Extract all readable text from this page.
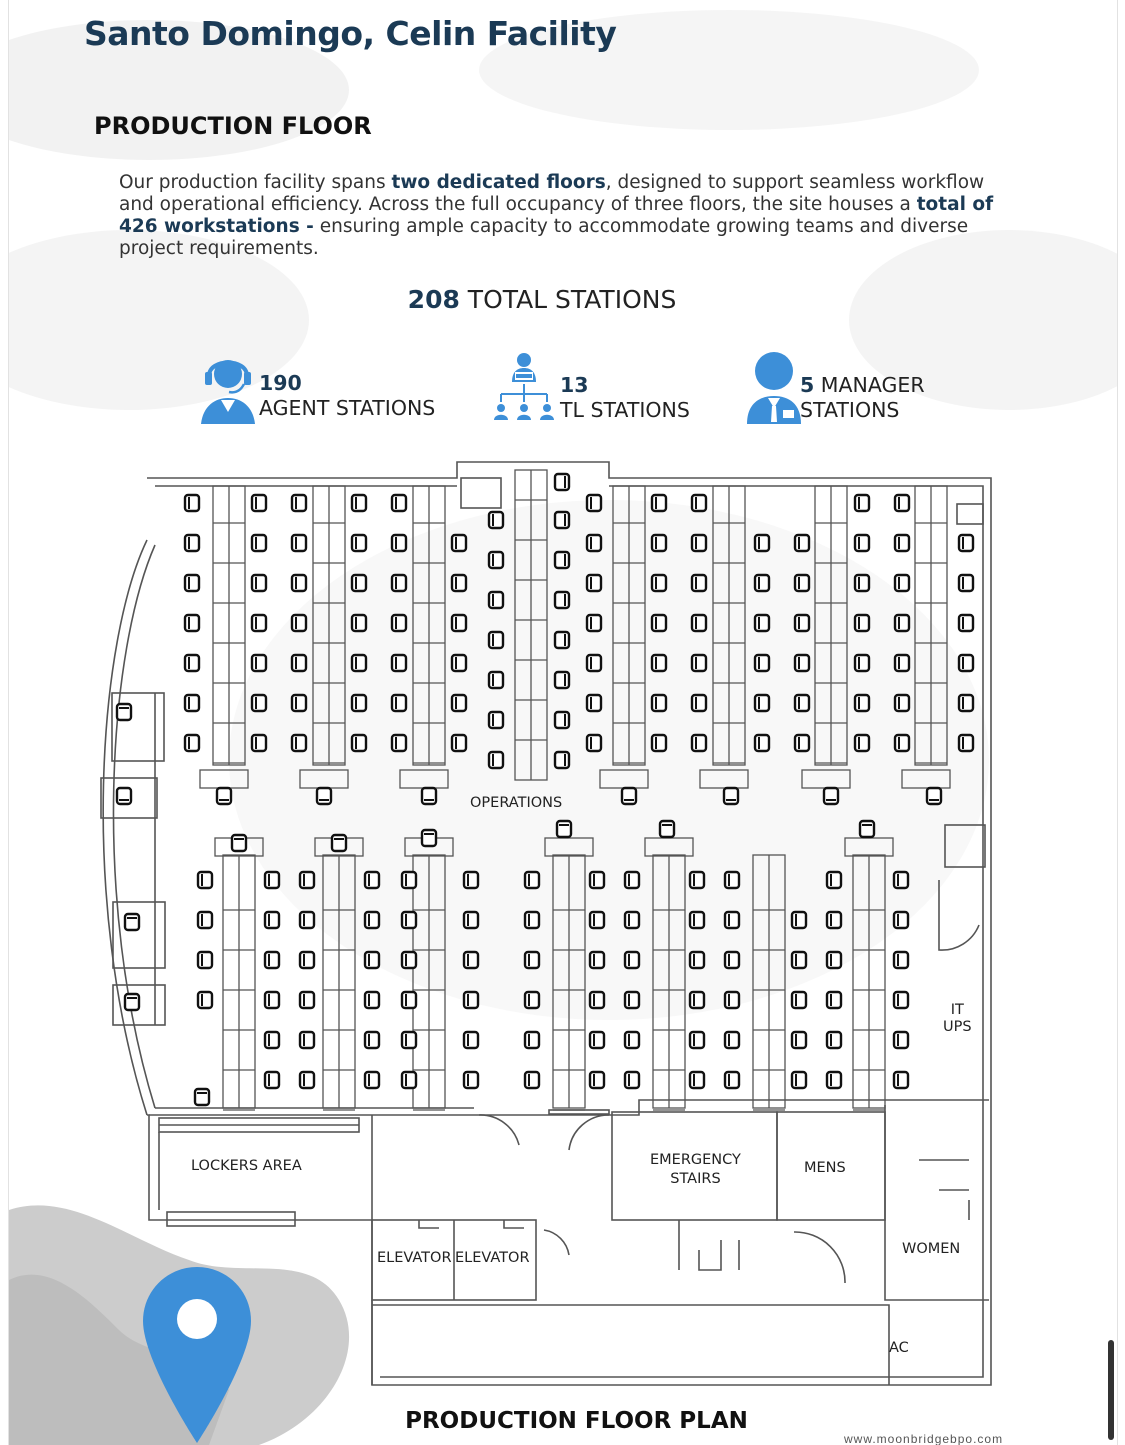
Santo Domingo, Celin Facility
PRODUCTION FLOOR
Our production facility spans two dedicated floors, designed to support seamless workflow and operational efficiency. Across the full occupancy of three floors, the site houses a total of 426 workstations - ensuring ample capacity to accommodate growing teams and diverse project requirements.
208 TOTAL STATIONS
190
AGENT STATIONS
13
TL STATIONS
5 MANAGER
STATIONS
OPERATIONS
LOCKERS AREA	EMERGENCY
STAIRS
MENS
WOMEN
ELEVATOR ELEVATOR
IT
UPS
AC
PRODUCTION FLOOR PLAN
www.moonbridgebpo.com
